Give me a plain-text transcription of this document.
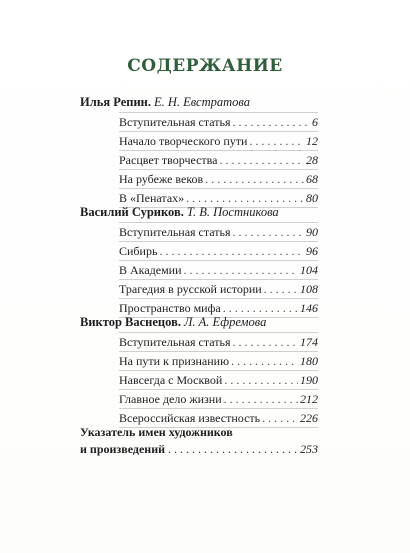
СОДЕРЖАНИЕ
Илья Репин. Е. Н. Евстратова
Вступительная статья . . .	6
Начало творческого пути . . .	12
Расцвет творчества . . .	28
На рубеже веков . . .	68
В «Пенатах» . . .	80
Василий Суриков. Т. В. Постникова
Вступительная статья . . .	90
Сибирь . . .	96
В Академии . . .	104
Трагедия в русской истории . . .	108
Пространство мифа . . .	146
Виктор Васнецов. Л. А. Ефремова
Вступительная статья . . .	174
На пути к признанию . . .	180
Навсегда с Москвой . . .	190
Главное дело жизни . . .	212
Всероссийская известность . . .	226
Указатель имен художников
и произведений . . .	253
